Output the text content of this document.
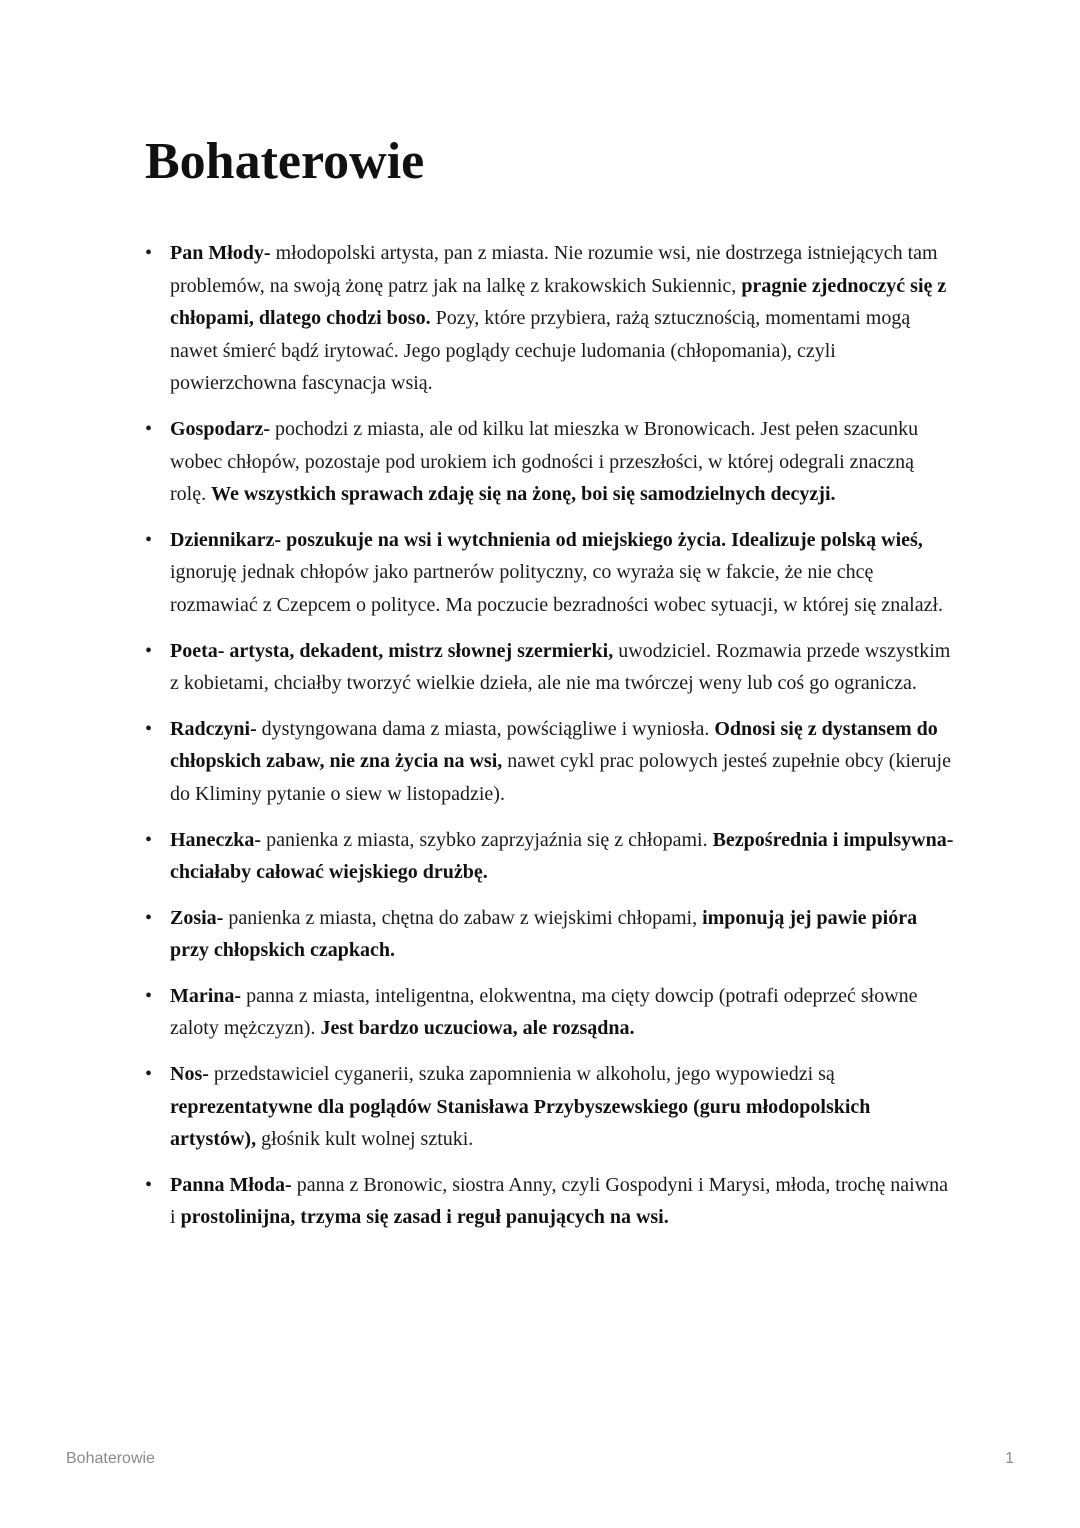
Bohaterowie
• Pan Młody- młodopolski artysta, pan z miasta. Nie rozumie wsi, nie dostrzega istniejących tam problemów, na swoją żonę patrz jak na lalkę z krakowskich Sukiennic, pragnie zjednoczyć się z chłopami, dlatego chodzi boso. Pozy, które przybiera, rażą sztucznością, momentami mogą nawet śmierć bądź irytować. Jego poglądy cechuje ludomania (chłopomania), czyli powierzchowna fascynacja wsią.
• Gospodarz- pochodzi z miasta, ale od kilku lat mieszka w Bronowicach. Jest pełen szacunku wobec chłopów, pozostaje pod urokiem ich godności i przeszłości, w której odegrali znaczną rolę. We wszystkich sprawach zdaję się na żonę, boi się samodzielnych decyzji.
• Dziennikarz- poszukuje na wsi i wytchnienia od miejskiego życia. Idealizuje polską wieś, ignoruję jednak chłopów jako partnerów polityczny, co wyraża się w fakcie, że nie chcę rozmawiać z Czepcem o polityce. Ma poczucie bezradności wobec sytuacji, w której się znalazł.
• Poeta- artysta, dekadent, mistrz słownej szermierki, uwodziciel. Rozmawia przede wszystkim z kobietami, chciałby tworzyć wielkie dzieła, ale nie ma twórczej weny lub coś go ogranicza.
• Radczyni- dystyngowana dama z miasta, powściągliwe i wyniosła. Odnosi się z dystansem do chłopskich zabaw, nie zna życia na wsi, nawet cykl prac polowych jesteś zupełnie obcy (kieruje do Kliminy pytanie o siew w listopadzie).
• Haneczka- panienka z miasta, szybko zaprzyjaźnia się z chłopami. Bezpośrednia i impulsywna- chciałaby całować wiejskiego drużbę.
• Zosia- panienka z miasta, chętna do zabaw z wiejskimi chłopami, imponują jej pawie pióra przy chłopskich czapkach.
• Marina- panna z miasta, inteligentna, elokwentna, ma cięty dowcip (potrafi odeprzeć słowne zaloty mężczyzn). Jest bardzo uczuciowa, ale rozsądna.
• Nos- przedstawiciel cyganerii, szuka zapomnienia w alkoholu, jego wypowiedzi są reprezentatywne dla poglądów Stanisława Przybyszewskiego (guru młodopolskich artystów), głośnik kult wolnej sztuki.
• Panna Młoda- panna z Bronowic, siostra Anny, czyli Gospodyni i Marysi, młoda, trochę naiwna i prostolinijna, trzyma się zasad i reguł panujących na wsi.
Bohaterowie	1
